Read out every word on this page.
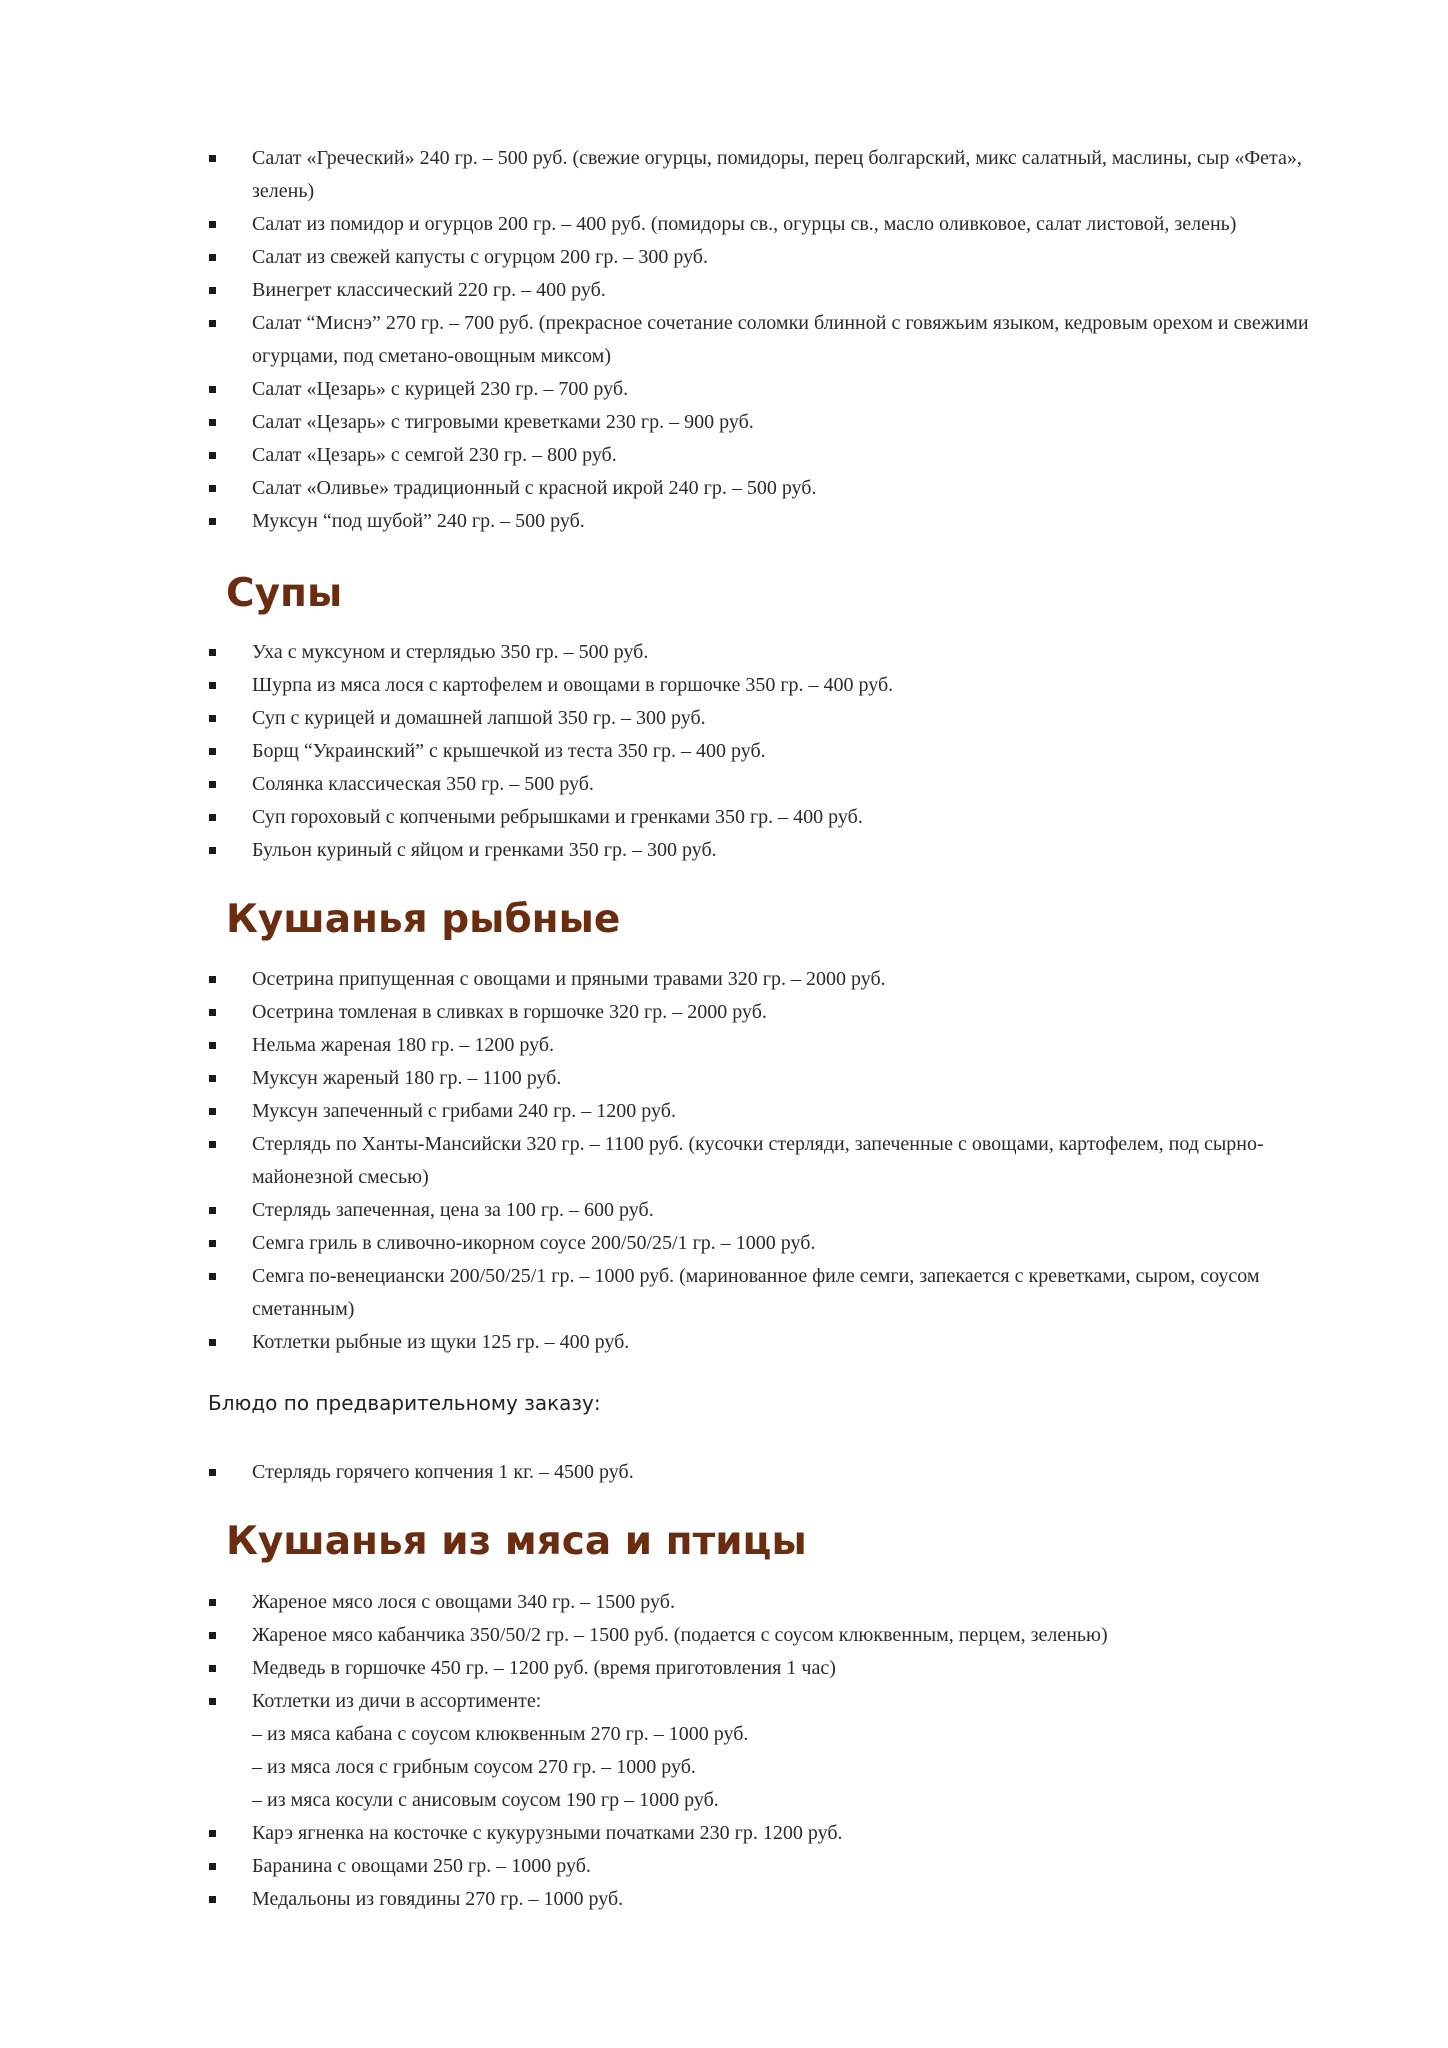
Салат «Греческий» 240 гр. – 500 руб. (свежие огурцы, помидоры, перец болгарский, микс салатный, маслины, сыр «Фета», зелень)
Салат из помидор и огурцов 200 гр. – 400 руб. (помидоры св., огурцы св., масло оливковое, салат листовой, зелень)
Салат из свежей капусты с огурцом 200 гр. – 300 руб.
Винегрет классический 220 гр. – 400 руб.
Салат “Миснэ” 270 гр. – 700 руб. (прекрасное сочетание соломки блинной с говяжьим языком, кедровым орехом и свежими огурцами, под сметано-овощным миксом)
Салат «Цезарь» с курицей 230 гр. – 700 руб.
Салат «Цезарь» с тигровыми креветками 230 гр. – 900 руб.
Салат «Цезарь» с семгой 230 гр. – 800 руб.
Салат «Оливье» традиционный с красной икрой 240 гр. – 500 руб.
Муксун “под шубой” 240 гр. – 500 руб.
Супы
Уха с муксуном и стерлядью 350 гр. – 500 руб.
Шурпа из мяса лося с картофелем и овощами в горшочке 350 гр. – 400 руб.
Суп с курицей и домашней лапшой 350 гр. – 300 руб.
Борщ “Украинский” с крышечкой из теста 350 гр. – 400 руб.
Солянка классическая 350 гр. – 500 руб.
Суп гороховый с копчеными ребрышками и гренками 350 гр. – 400 руб.
Бульон куриный с яйцом и гренками 350 гр. – 300 руб.
Кушанья рыбные
Осетрина припущенная с овощами и пряными травами 320 гр. – 2000 руб.
Осетрина томленая в сливках в горшочке 320 гр. – 2000 руб.
Нельма жареная 180 гр. – 1200 руб.
Муксун жареный 180 гр. – 1100 руб.
Муксун запеченный с грибами 240 гр. – 1200 руб.
Стерлядь по Ханты-Мансийски 320 гр. – 1100 руб. (кусочки стерляди, запеченные с овощами, картофелем, под сырно-майонезной смесью)
Стерлядь запеченная, цена за 100 гр. – 600 руб.
Семга гриль в сливочно-икорном соусе 200/50/25/1 гр. – 1000 руб.
Семга по-венециански 200/50/25/1 гр. – 1000 руб. (маринованное филе семги, запекается с креветками, сыром, соусом сметанным)
Котлетки рыбные из щуки 125 гр. – 400 руб.

Блюдо по предварительному заказу:

Стерлядь горячего копчения 1 кг. – 4500 руб.
Кушанья из мяса и птицы
Жареное мясо лося с овощами 340 гр. – 1500 руб.
Жареное мясо кабанчика 350/50/2 гр. – 1500 руб. (подается с соусом клюквенным, перцем, зеленью)
Медведь в горшочке 450 гр. – 1200 руб. (время приготовления 1 час)
Котлетки из дичи в ассортименте:
– из мяса кабана с соусом клюквенным 270 гр. – 1000 руб.
– из мяса лося с грибным соусом 270 гр. – 1000 руб.
– из мяса косули с анисовым соусом 190 гр – 1000 руб.
Карэ ягненка на косточке с кукурузными початками 230 гр. 1200 руб.
Баранина с овощами 250 гр. – 1000 руб.
Медальоны из говядины 270 гр. – 1000 руб.
